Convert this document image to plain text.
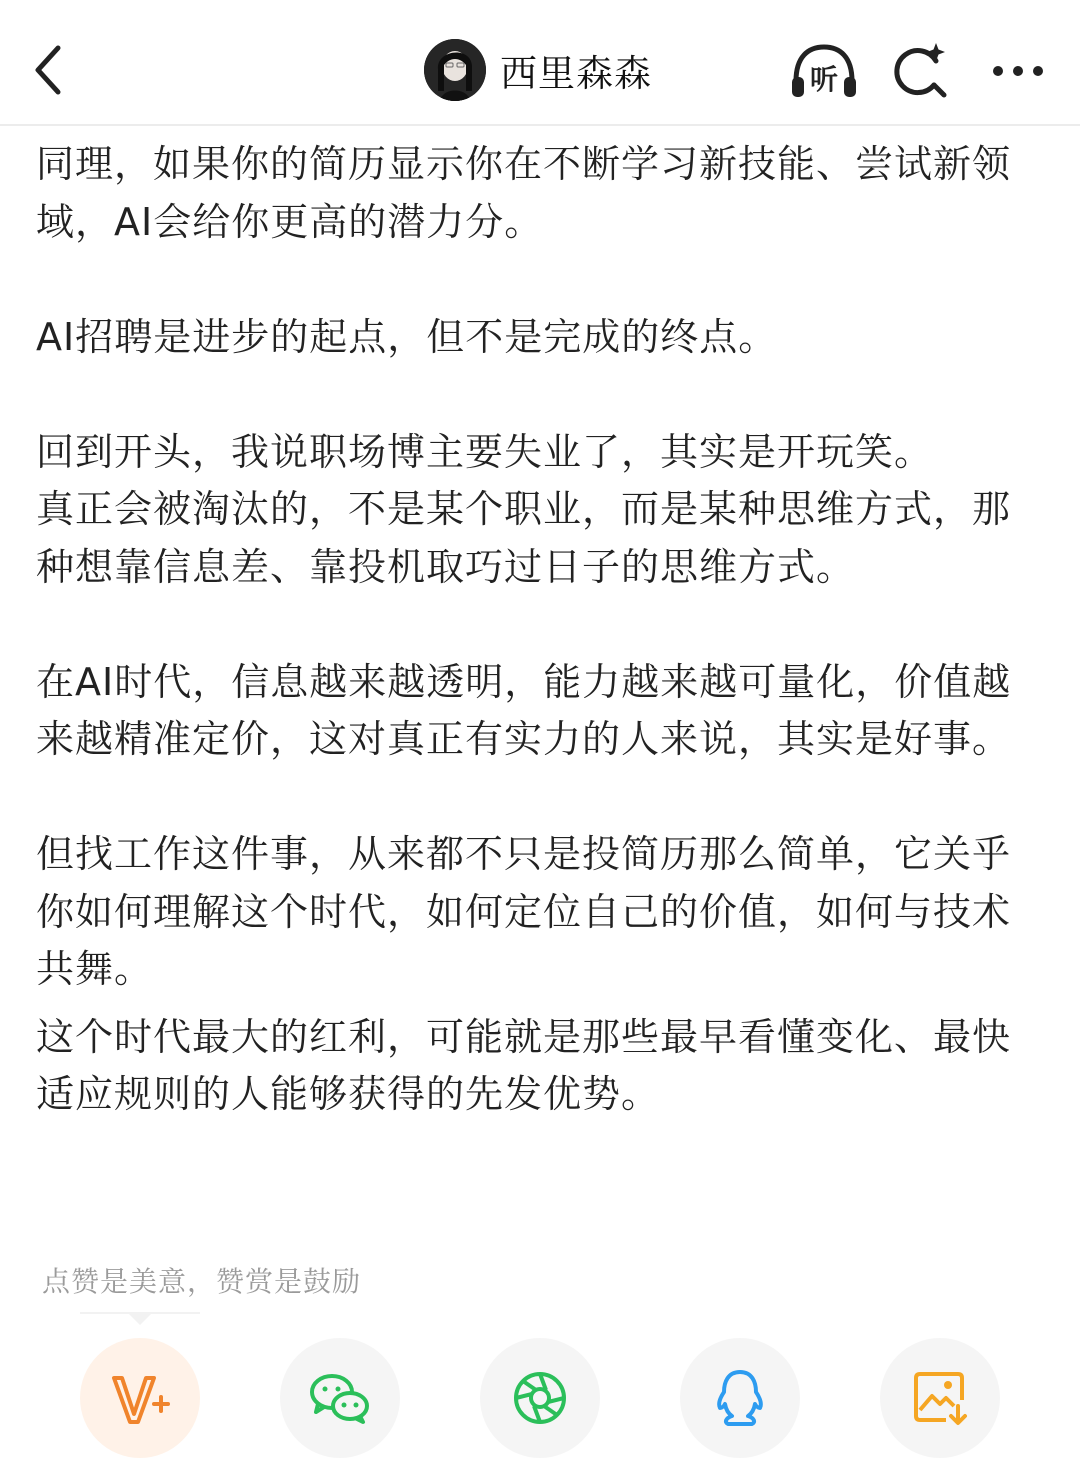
西里森森	听

同理，如果你的简历显示你在不断学习新技能、尝试新领域，AI会给你更高的潜力分。

AI招聘是进步的起点，但不是完成的终点。

回到开头，我说职场博主要失业了，其实是开玩笑。

真正会被淘汰的，不是某个职业，而是某种思维方式，那种想靠信息差、靠投机取巧过日子的思维方式。

在AI时代，信息越来越透明，能力越来越可量化，价值越来越精准定价，这对真正有实力的人来说，其实是好事。

但找工作这件事，从来都不只是投简历那么简单，它关乎你如何理解这个时代，如何定位自己的价值，如何与技术共舞。

这个时代最大的红利，可能就是那些最早看懂变化、最快适应规则的人能够获得的先发优势。

点赞是美意，赞赏是鼓励
